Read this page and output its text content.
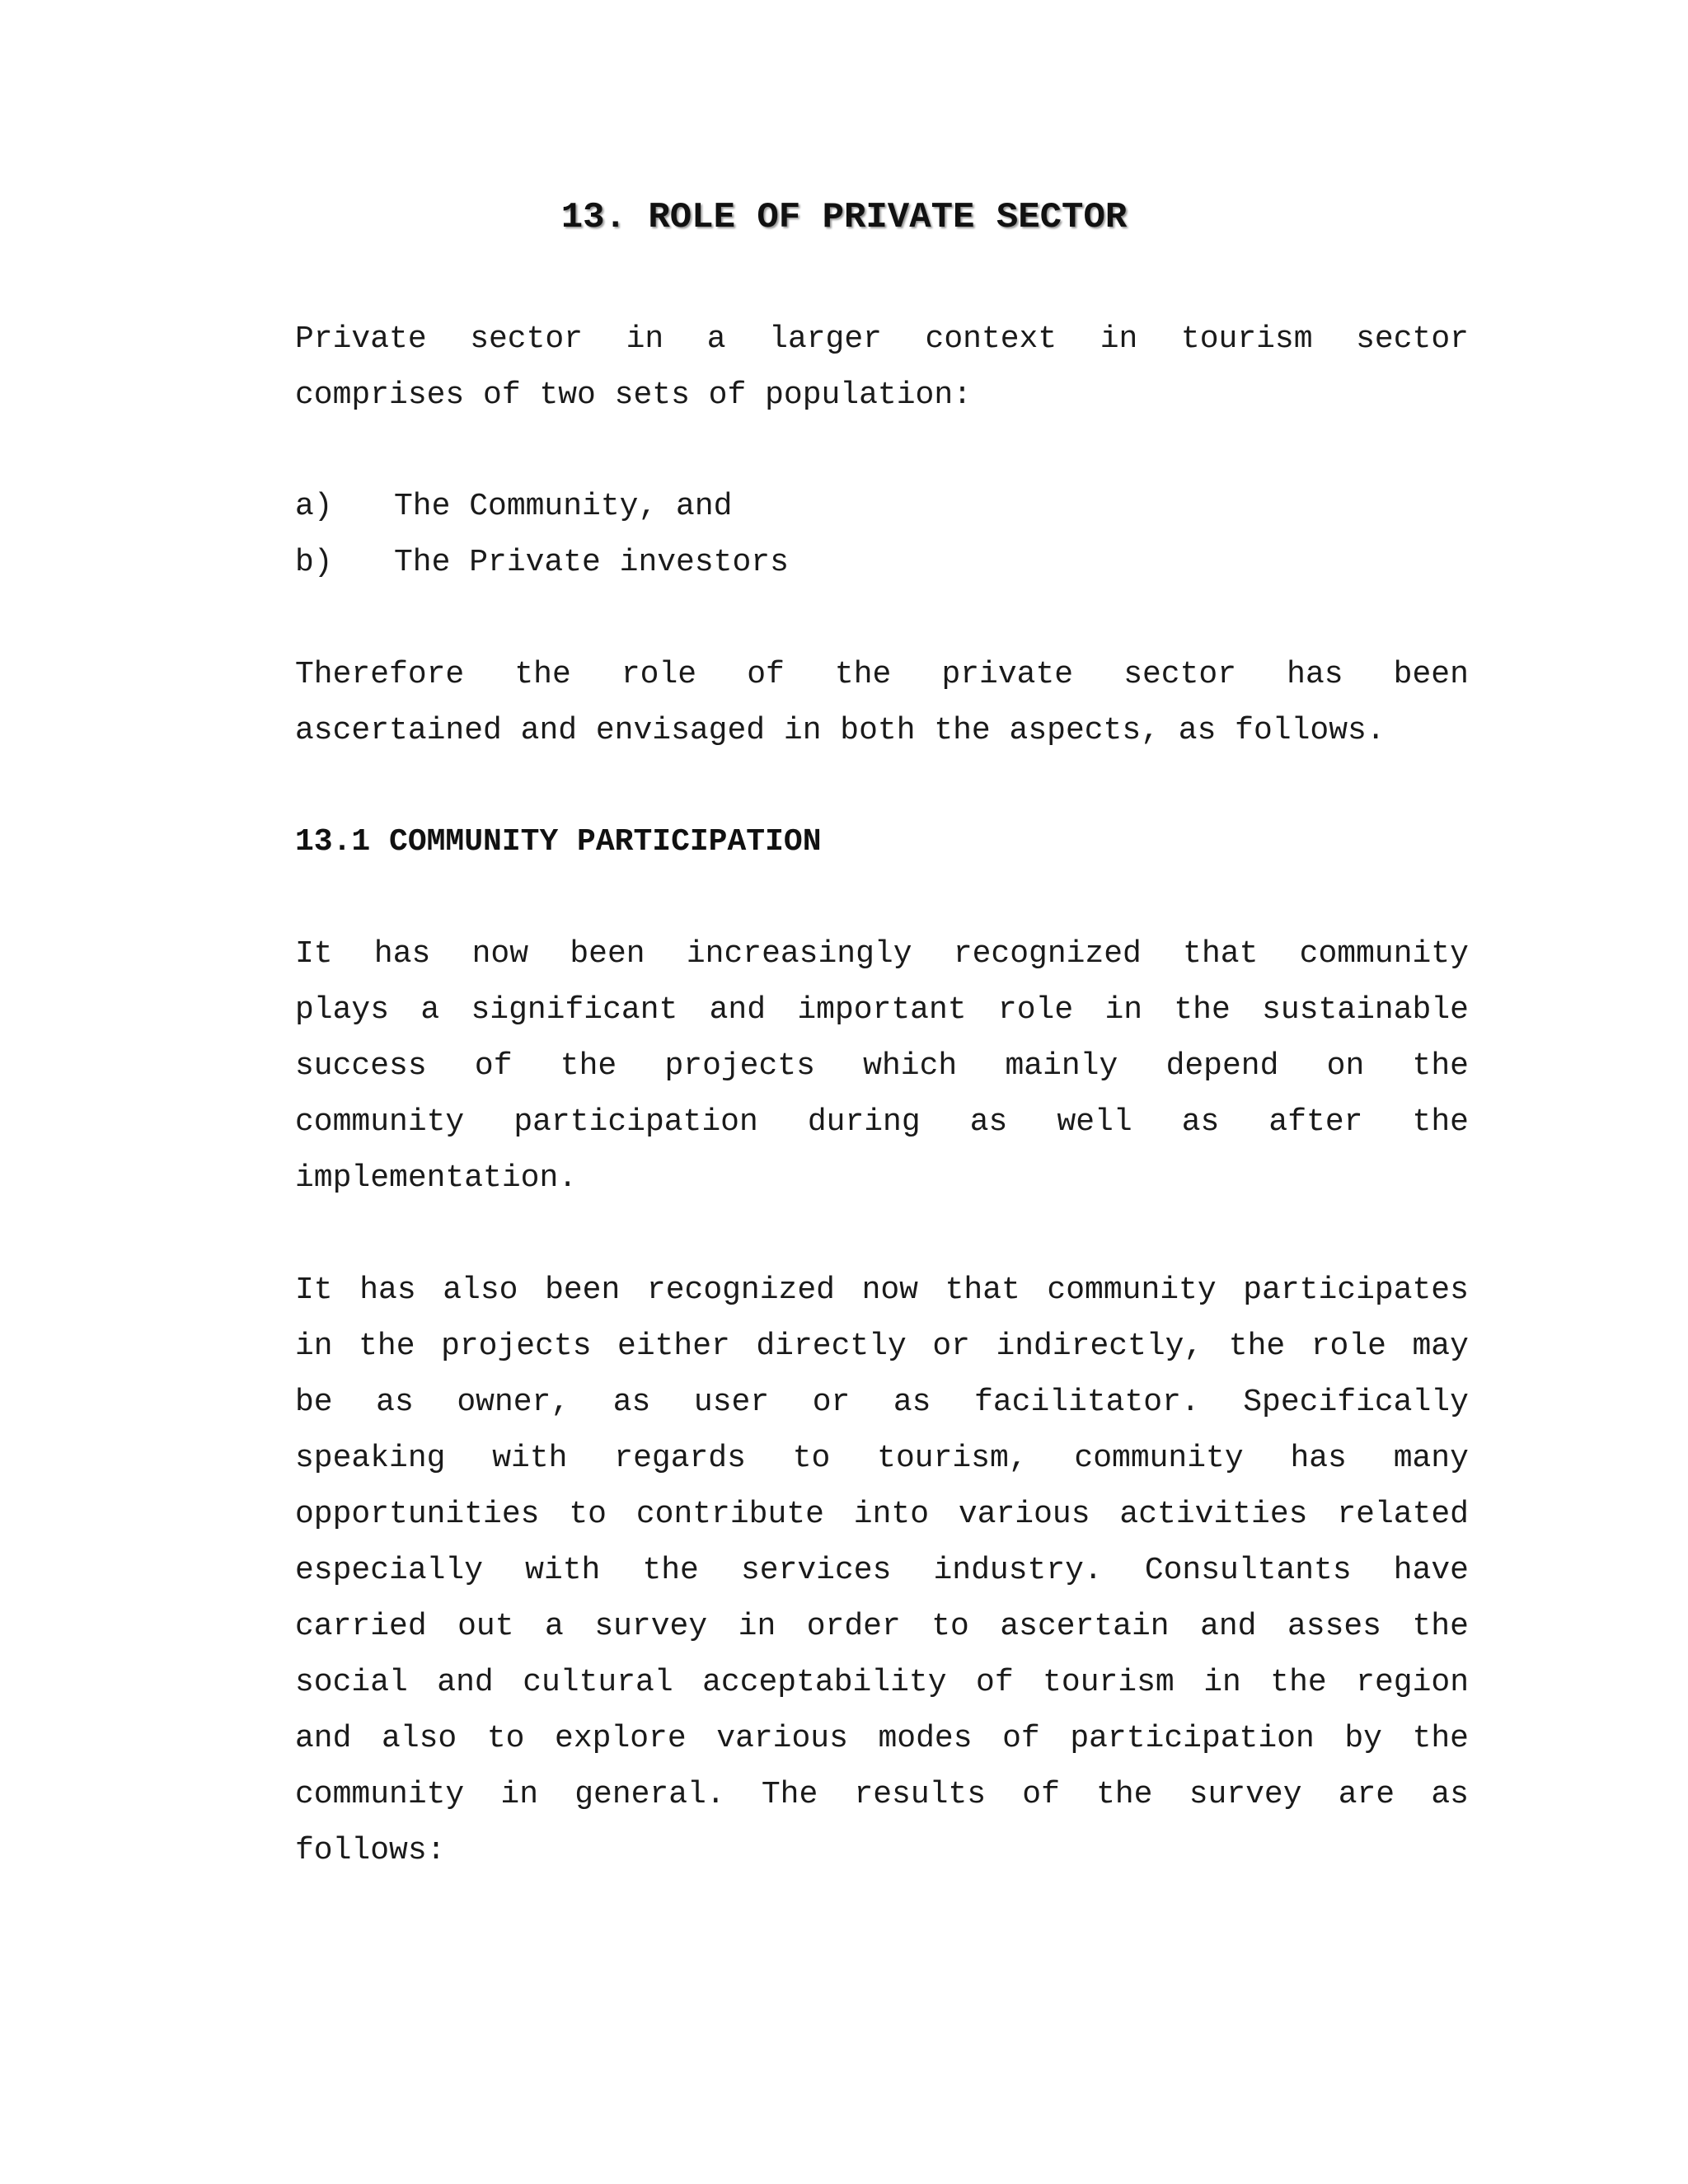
13. ROLE OF PRIVATE SECTOR
Private sector in a larger context in tourism sector
comprises of two sets of population:
a) The Community, and
b) The Private investors
Therefore the role of the private sector has been
ascertained and envisaged in both the aspects, as follows.
13.1 COMMUNITY PARTICIPATION
It has now been increasingly recognized that community
plays a significant and important role in the sustainable
success of the projects which mainly depend on the
community participation during as well as after the
implementation.
It has also been recognized now that community participates
in the projects either directly or indirectly, the role may
be as owner, as user or as facilitator. Specifically
speaking with regards to tourism, community has many
opportunities to contribute into various activities related
especially with the services industry. Consultants have
carried out a survey in order to ascertain and asses the
social and cultural acceptability of tourism in the region
and also to explore various modes of participation by the
community in general. The results of the survey are as
follows:
